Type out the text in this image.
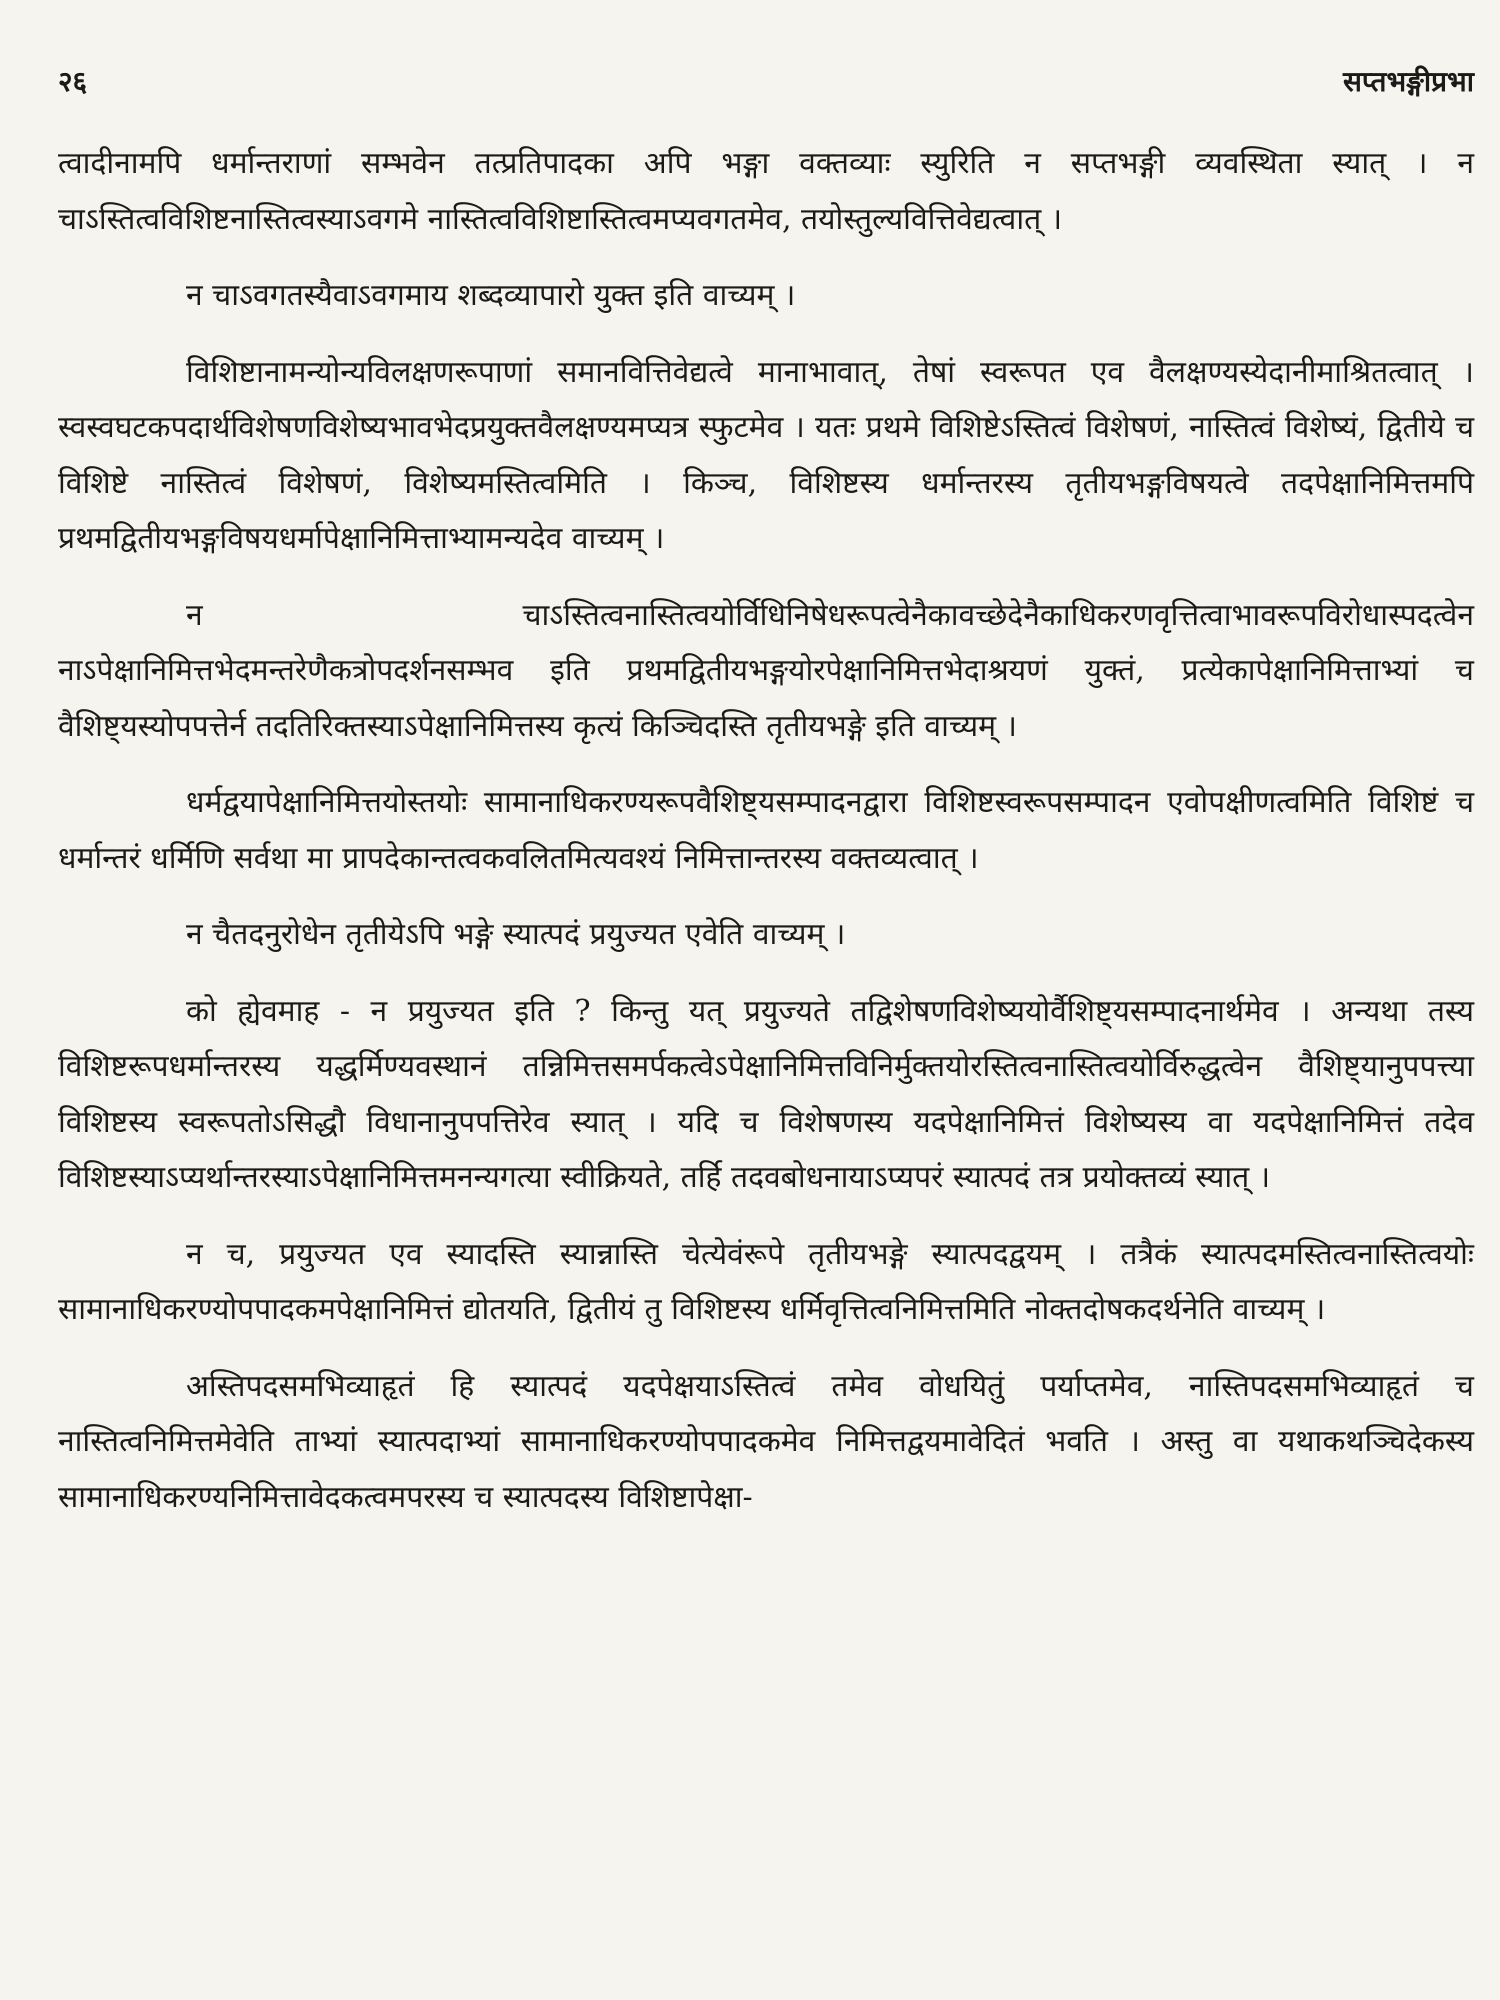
२६	सप्तभङ्गीप्रभा

त्वादीनामपि धर्मान्तराणां सम्भवेन तत्प्रतिपादका अपि भङ्गा वक्तव्याः स्युरिति न सप्तभङ्गी व्यवस्थिता स्यात् । न चाऽस्तित्वविशिष्टनास्तित्वस्याऽवगमे नास्तित्वविशिष्टास्तित्वमप्यवगतमेव, तयोस्तुल्यवित्तिवेद्यत्वात् ।

न चाऽवगतस्यैवाऽवगमाय शब्दव्यापारो युक्त इति वाच्यम् ।

विशिष्टानामन्योन्यविलक्षणरूपाणां समानवित्तिवेद्यत्वे मानाभावात्, तेषां स्वरूपत एव वैलक्षण्यस्येदानीमाश्रितत्वात् । स्वस्वघटकपदार्थविशेषणविशेष्यभावभेदप्रयुक्तवैलक्षण्यमप्यत्र स्फुटमेव । यतः प्रथमे विशिष्टेऽस्तित्वं विशेषणं, नास्तित्वं विशेष्यं, द्वितीये च विशिष्टे नास्तित्वं विशेषणं, विशेष्यमस्तित्वमिति । किञ्च, विशिष्टस्य धर्मान्तरस्य तृतीयभङ्गविषयत्वे तदपेक्षानिमित्तमपि प्रथमद्वितीयभङ्गविषयधर्मापेक्षानिमित्ताभ्यामन्यदेव वाच्यम् ।

न चाऽस्तित्वनास्तित्वयोर्विधिनिषेधरूपत्वेनैकावच्छेदेनैकाधिकरणवृत्तित्वाभावरूपविरोधास्पदत्वेन नाऽपेक्षानिमित्तभेदमन्तरेणैकत्रोपदर्शनसम्भव इति प्रथमद्वितीयभङ्गयोरपेक्षानिमित्तभेदाश्रयणं युक्तं, प्रत्येकापेक्षानिमित्ताभ्यां च वैशिष्ट्यस्योपपत्तेर्न तदतिरिक्तस्याऽपेक्षानिमित्तस्य कृत्यं किञ्चिदस्ति तृतीयभङ्गे इति वाच्यम् ।

धर्मद्वयापेक्षानिमित्तयोस्तयोः सामानाधिकरण्यरूपवैशिष्ट्यसम्पादनद्वारा विशिष्टस्वरूपसम्पादन एवोपक्षीणत्वमिति विशिष्टं च धर्मान्तरं धर्मिणि सर्वथा मा प्रापदेकान्तत्वकवलितमित्यवश्यं निमित्तान्तरस्य वक्तव्यत्वात् ।

न चैतदनुरोधेन तृतीयेऽपि भङ्गे स्यात्पदं प्रयुज्यत एवेति वाच्यम् ।

को ह्येवमाह - न प्रयुज्यत इति ? किन्तु यत् प्रयुज्यते तद्विशेषणविशेष्ययोर्वैशिष्ट्यसम्पादनार्थमेव । अन्यथा तस्य विशिष्टरूपधर्मान्तरस्य यद्धर्मिण्यवस्थानं तन्निमित्तसमर्पकत्वेऽपेक्षानिमित्तविनिर्मुक्तयोरस्तित्वनास्तित्वयोर्विरुद्धत्वेन वैशिष्ट्यानुपपत्त्या विशिष्टस्य स्वरूपतोऽसिद्धौ विधानानुपपत्तिरेव स्यात् । यदि च विशेषणस्य यदपेक्षानिमित्तं विशेष्यस्य वा यदपेक्षानिमित्तं तदेव विशिष्टस्याऽप्यर्थान्तरस्याऽपेक्षानिमित्तमनन्यगत्या स्वीक्रियते, तर्हि तदवबोधनायाऽप्यपरं स्यात्पदं तत्र प्रयोक्तव्यं स्यात् ।

न च, प्रयुज्यत एव स्यादस्ति स्यान्नास्ति चेत्येवंरूपे तृतीयभङ्गे स्यात्पदद्वयम् । तत्रैकं स्यात्पदमस्तित्वनास्तित्वयोः सामानाधिकरण्योपपादकमपेक्षानिमित्तं द्योतयति, द्वितीयं तु विशिष्टस्य धर्मिवृत्तित्वनिमित्तमिति नोक्तदोषकदर्थनेति वाच्यम् ।

अस्तिपदसमभिव्याहृतं हि स्यात्पदं यदपेक्षयाऽस्तित्वं तमेव वोधयितुं पर्याप्तमेव, नास्तिपदसमभिव्याहृतं च नास्तित्वनिमित्तमेवेति ताभ्यां स्यात्पदाभ्यां सामानाधिकरण्योपपादकमेव निमित्तद्वयमावेदितं भवति । अस्तु वा यथाकथञ्चिदेकस्य सामानाधिकरण्यनिमित्तावेदकत्वमपरस्य च स्यात्पदस्य विशिष्टापेक्षा-
